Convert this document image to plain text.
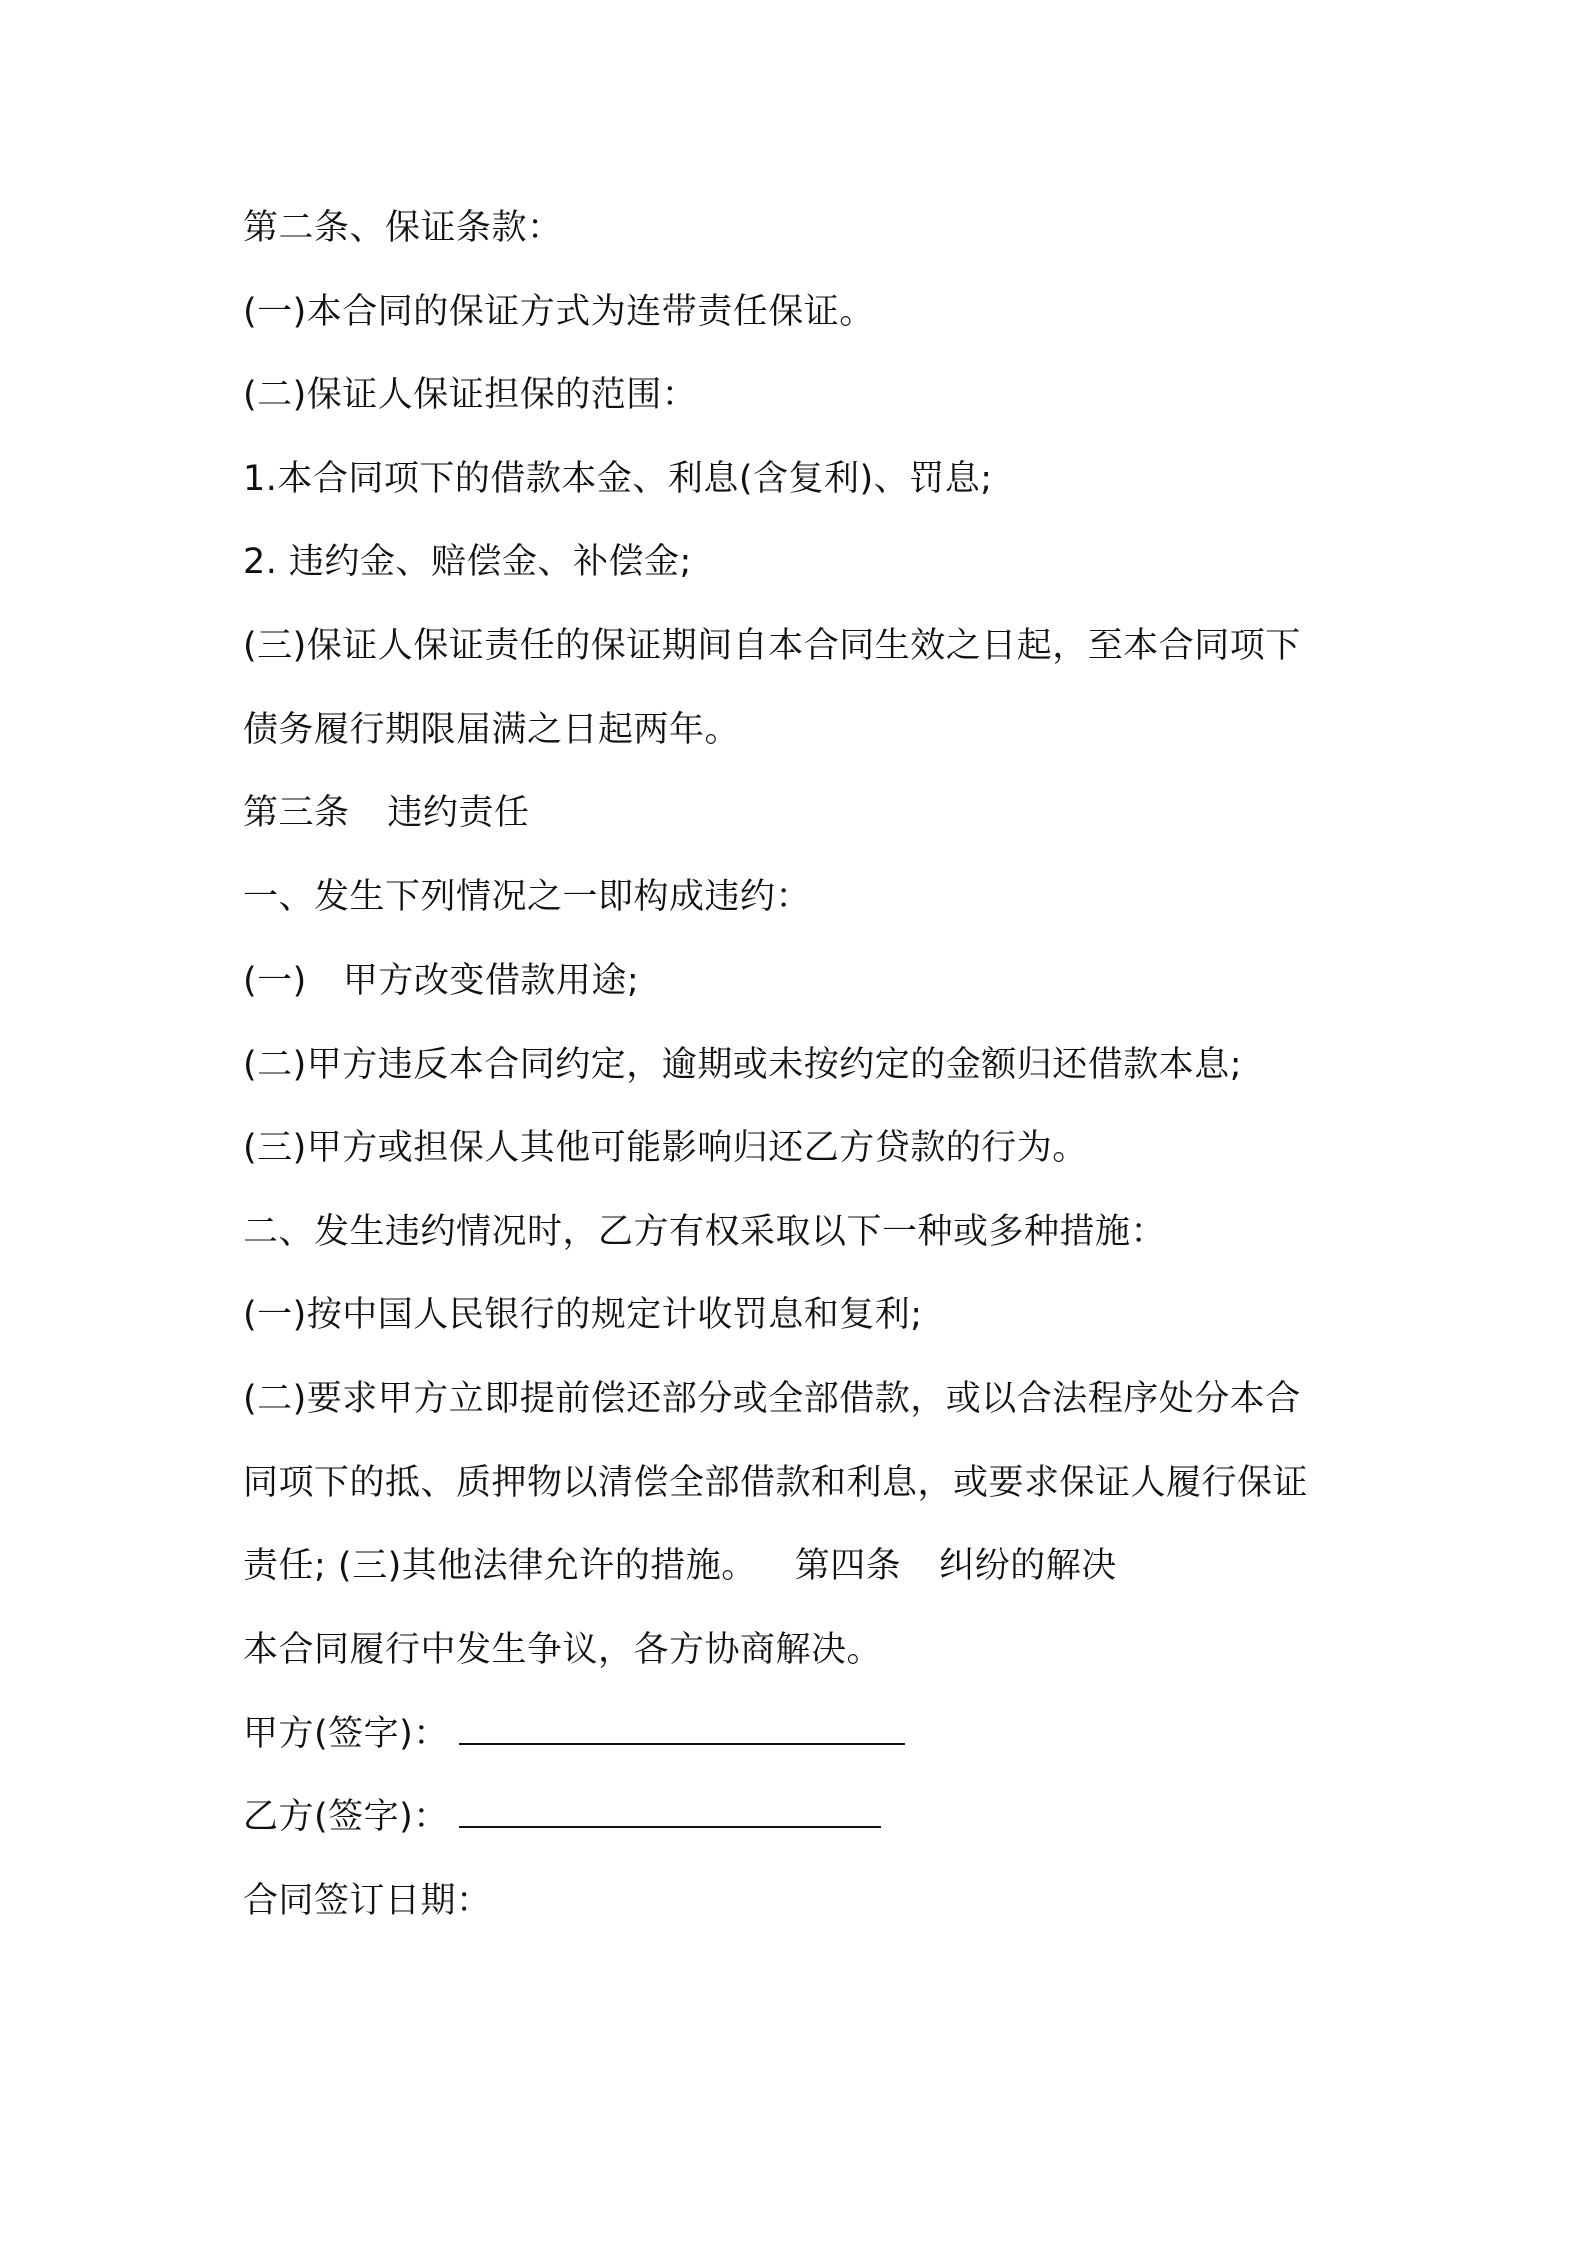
第二条、保证条款：
(一)本合同的保证方式为连带责任保证。
(二)保证人保证担保的范围：
1.本合同项下的借款本金、利息(含复利)、罚息;
2. 违约金、赔偿金、补偿金;
(三)保证人保证责任的保证期间自本合同生效之日起，至本合同项下
债务履行期限届满之日起两年。
第三条 违约责任
一、发生下列情况之一即构成违约：
(一) 甲方改变借款用途;
(二)甲方违反本合同约定，逾期或未按约定的金额归还借款本息;
(三)甲方或担保人其他可能影响归还乙方贷款的行为。
二、发生违约情况时，乙方有权采取以下一种或多种措施：
(一)按中国人民银行的规定计收罚息和复利;
(二)要求甲方立即提前偿还部分或全部借款，或以合法程序处分本合
同项下的抵、质押物以清偿全部借款和利息，或要求保证人履行保证
责任; (三)其他法律允许的措施。 第四条 纠纷的解决
本合同履行中发生争议，各方协商解决。
甲方(签字)：
乙方(签字)：
合同签订日期：
